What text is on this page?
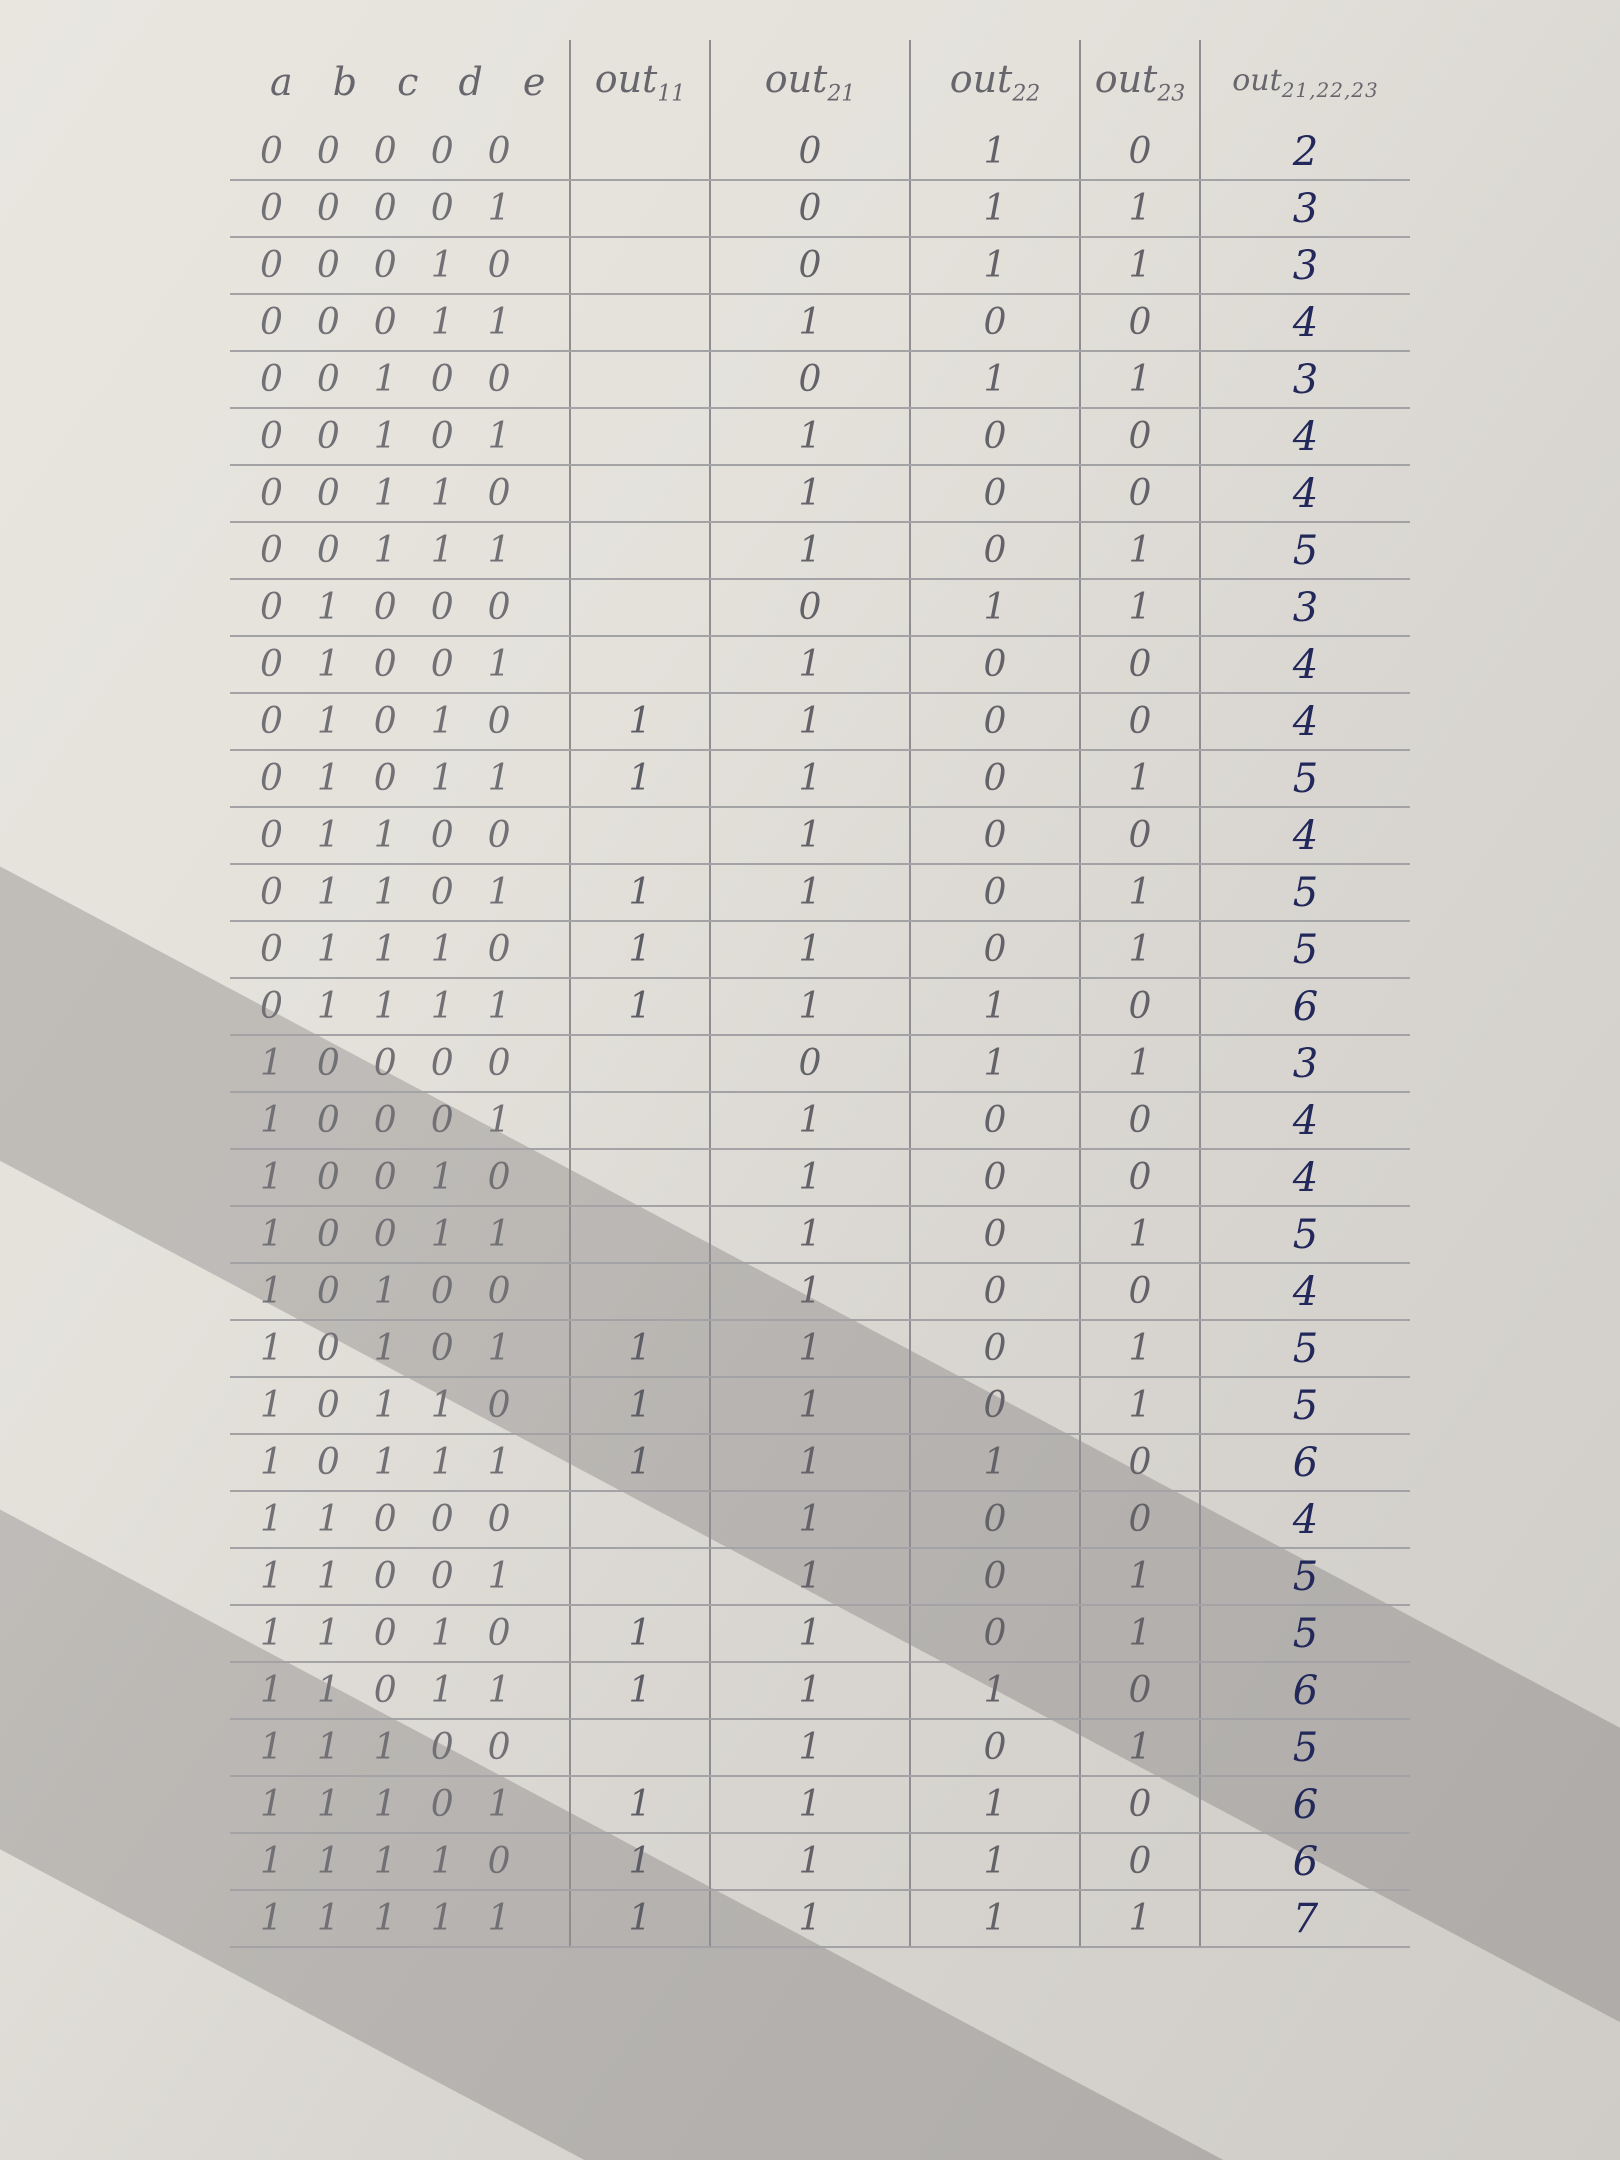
a b c d e	out$_{11}$	out$_{21}$	out$_{22}$	out$_{23}$	out$_{21,22,23}$
00000		0	1	0	2
00001		0	1	1	3
00010		0	1	1	3
00011		1	0	0	4
00100		0	1	1	3
00101		1	0	0	4
00110		1	0	0	4
00111		1	0	1	5
01000		0	1	1	3
01001		1	0	0	4
01010	1	1	0	0	4
01011	1	1	0	1	5
01100		1	0	0	4
01101	1	1	0	1	5
01110	1	1	0	1	5
01111	1	1	1	0	6
10000		0	1	1	3
10001		1	0	0	4
10010		1	0	0	4
10011		1	0	1	5
10100		1	0	0	4
10101	1	1	0	1	5
10110	1	1	0	1	5
10111	1	1	1	0	6
11000		1	0	0	4
11001		1	0	1	5
11010	1	1	0	1	5
11011	1	1	1	0	6
11100		1	0	1	5
11101	1	1	1	0	6
11110	1	1	1	0	6
11111	1	1	1	1	7
